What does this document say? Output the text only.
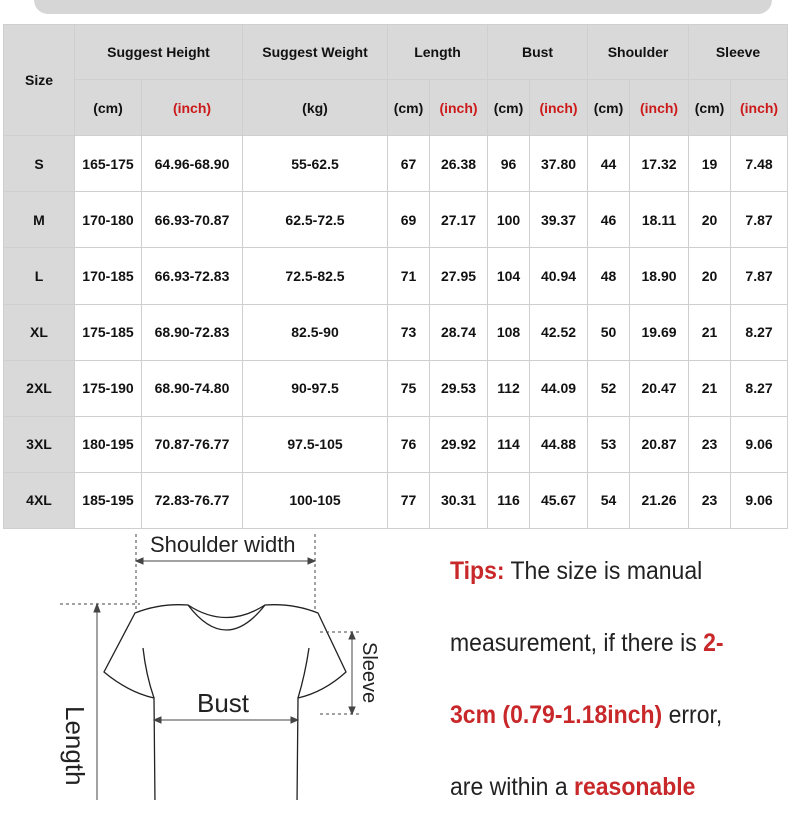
Size	Suggest Height		Suggest Weight	Length		Bust		Shoulder		Sleeve	
	(cm)	(inch)	(kg)	(cm)	(inch)	(cm)	(inch)	(cm)	(inch)	(cm)	(inch)
S	165-175	64.96-68.90	55-62.5	67	26.38	96	37.80	44	17.32	19	7.48
M	170-180	66.93-70.87	62.5-72.5	69	27.17	100	39.37	46	18.11	20	7.87
L	170-185	66.93-72.83	72.5-82.5	71	27.95	104	40.94	48	18.90	20	7.87
XL	175-185	68.90-72.83	82.5-90	73	28.74	108	42.52	50	19.69	21	8.27
2XL	175-190	68.90-74.80	90-97.5	75	29.53	112	44.09	52	20.47	21	8.27
3XL	180-195	70.87-76.77	97.5-105	76	29.92	114	44.88	53	20.87	23	9.06
4XL	185-195	72.83-76.77	100-105	77	30.31	116	45.67	54	21.26	23	9.06
Shoulder width
Bust	Sleeve
Length
Tips: The size is manual
measurement, if there is 2-
3cm (0.79-1.18inch) error,
are within a reasonable
